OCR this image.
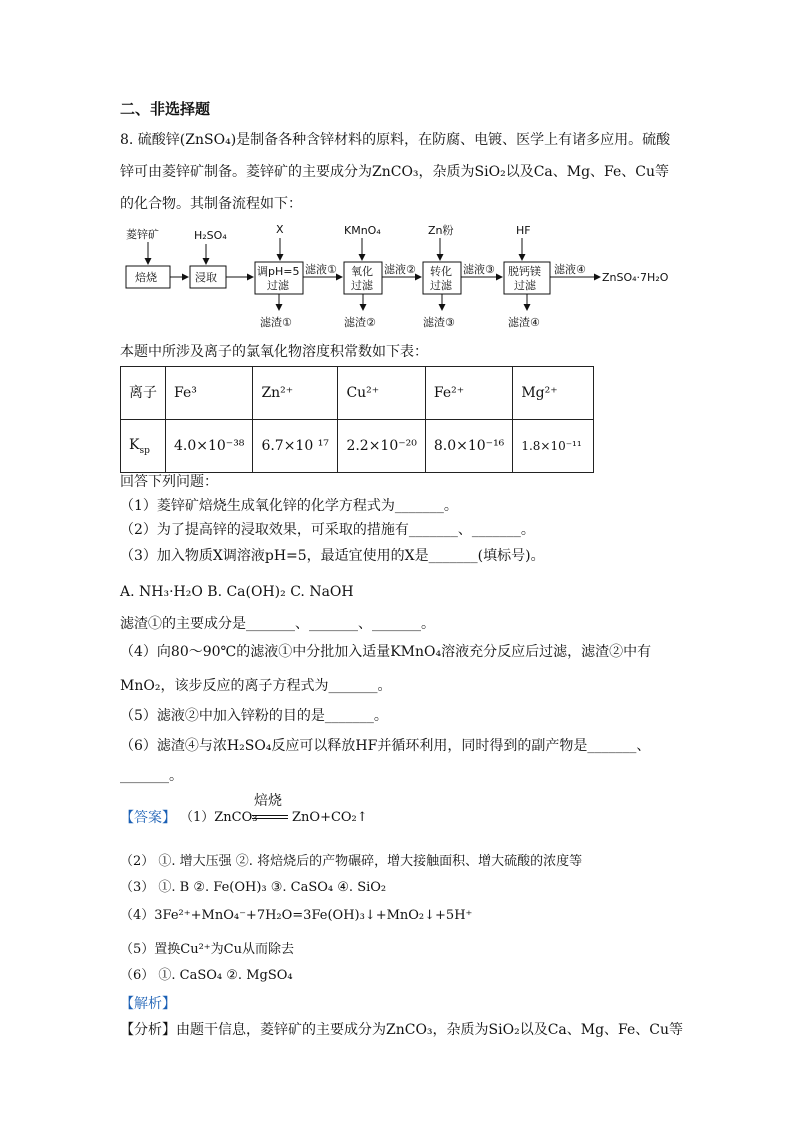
二、非选择题
8. 硫酸锌(ZnSO₄)是制备各种含锌材料的原料，在防腐、电镀、医学上有诸多应用。硫酸
锌可由菱锌矿制备。菱锌矿的主要成分为ZnCO₃，杂质为SiO₂以及Ca、Mg、Fe、Cu等
的化合物。其制备流程如下：
菱锌矿	H₂SO₄	X	KMnO₄	Zn粉	HF
焙烧	浸取	调pH=5
过滤
氧化
过滤
转化
过滤
脱钙镁
过滤
滤液①	滤液②	滤液③	滤液④
ZnSO₄·7H₂O
滤渣①	滤渣②	滤渣③	滤渣④
本题中所涉及离子的氯氧化物溶度积常数如下表：
离子	Fe³	Zn²⁺	Cu²⁺	Fe²⁺	Mg²⁺
$K_{sp}$	4.0×10⁻³⁸	6.7×10 ¹⁷	2.2×10⁻²⁰	8.0×10⁻¹⁶	1.8×10⁻¹¹
回答下列问题：
（1）菱锌矿焙烧生成氧化锌的化学方程式为_______。
（2）为了提高锌的浸取效果，可采取的措施有_______、_______。
（3）加入物质X调溶液pH=5，最适宜使用的X是_______(填标号)。
A. NH₃·H₂O B. Ca(OH)₂ C. NaOH
滤渣①的主要成分是_______、_______、_______。
（4）向80～90℃的滤液①中分批加入适量KMnO₄溶液充分反应后过滤，滤渣②中有
MnO₂，该步反应的离子方程式为_______。
（5）滤液②中加入锌粉的目的是_______。
（6）滤渣④与浓H₂SO₄反应可以释放HF并循环利用，同时得到的副产物是_______、
_______。
【答案】 （1）ZnCO₃
焙烧
ZnO+CO₂↑
（2） ①. 增大压强 ②. 将焙烧后的产物碾碎，增大接触面积、增大硫酸的浓度等
（3） ①. B ②. Fe(OH)₃ ③. CaSO₄ ④. SiO₂
（4）3Fe²⁺+MnO₄⁻+7H₂O=3Fe(OH)₃↓+MnO₂↓+5H⁺
（5）置换Cu²⁺为Cu从而除去
（6） ①. CaSO₄ ②. MgSO₄
【解析】
【分析】由题干信息，菱锌矿的主要成分为ZnCO₃，杂质为SiO₂以及Ca、Mg、Fe、Cu等
